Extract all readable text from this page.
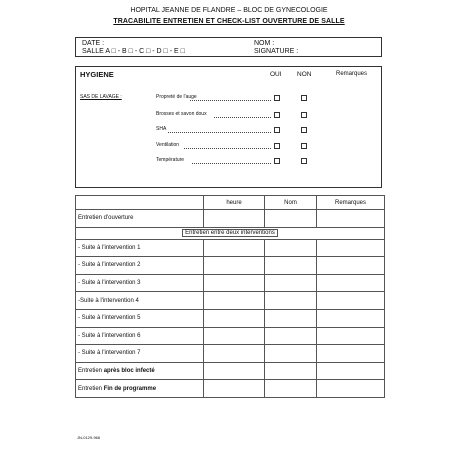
HOPITAL JEANNE DE FLANDRE – BLOC DE GYNECOLOGIE
TRACABILITE ENTRETIEN ET CHECK-LIST OUVERTURE DE SALLE
DATE :	NOM :
SALLE A □ - B □ - C □ - D □ - E □	SIGNATURE :
HYGIENE	OUI NON	Remarques
SAS DE LAVAGE :	Propreté de l'auge
Brosses et savon doux
SHA
Ventilation
Température
	heure	Nom	Remarques
Entretien d'ouverture			
Entretien entre deux interventions			
- Suite à l'intervention 1			
- Suite à l'intervention 2			
- Suite à l'intervention 3			
-Suite à l'intervention 4			
- Suite à l'intervention 5			
- Suite à l'intervention 6			
- Suite à l'intervention 7			
Entretien après bloc infecté			
Entretien Fin de programme			
JN-0129-966
